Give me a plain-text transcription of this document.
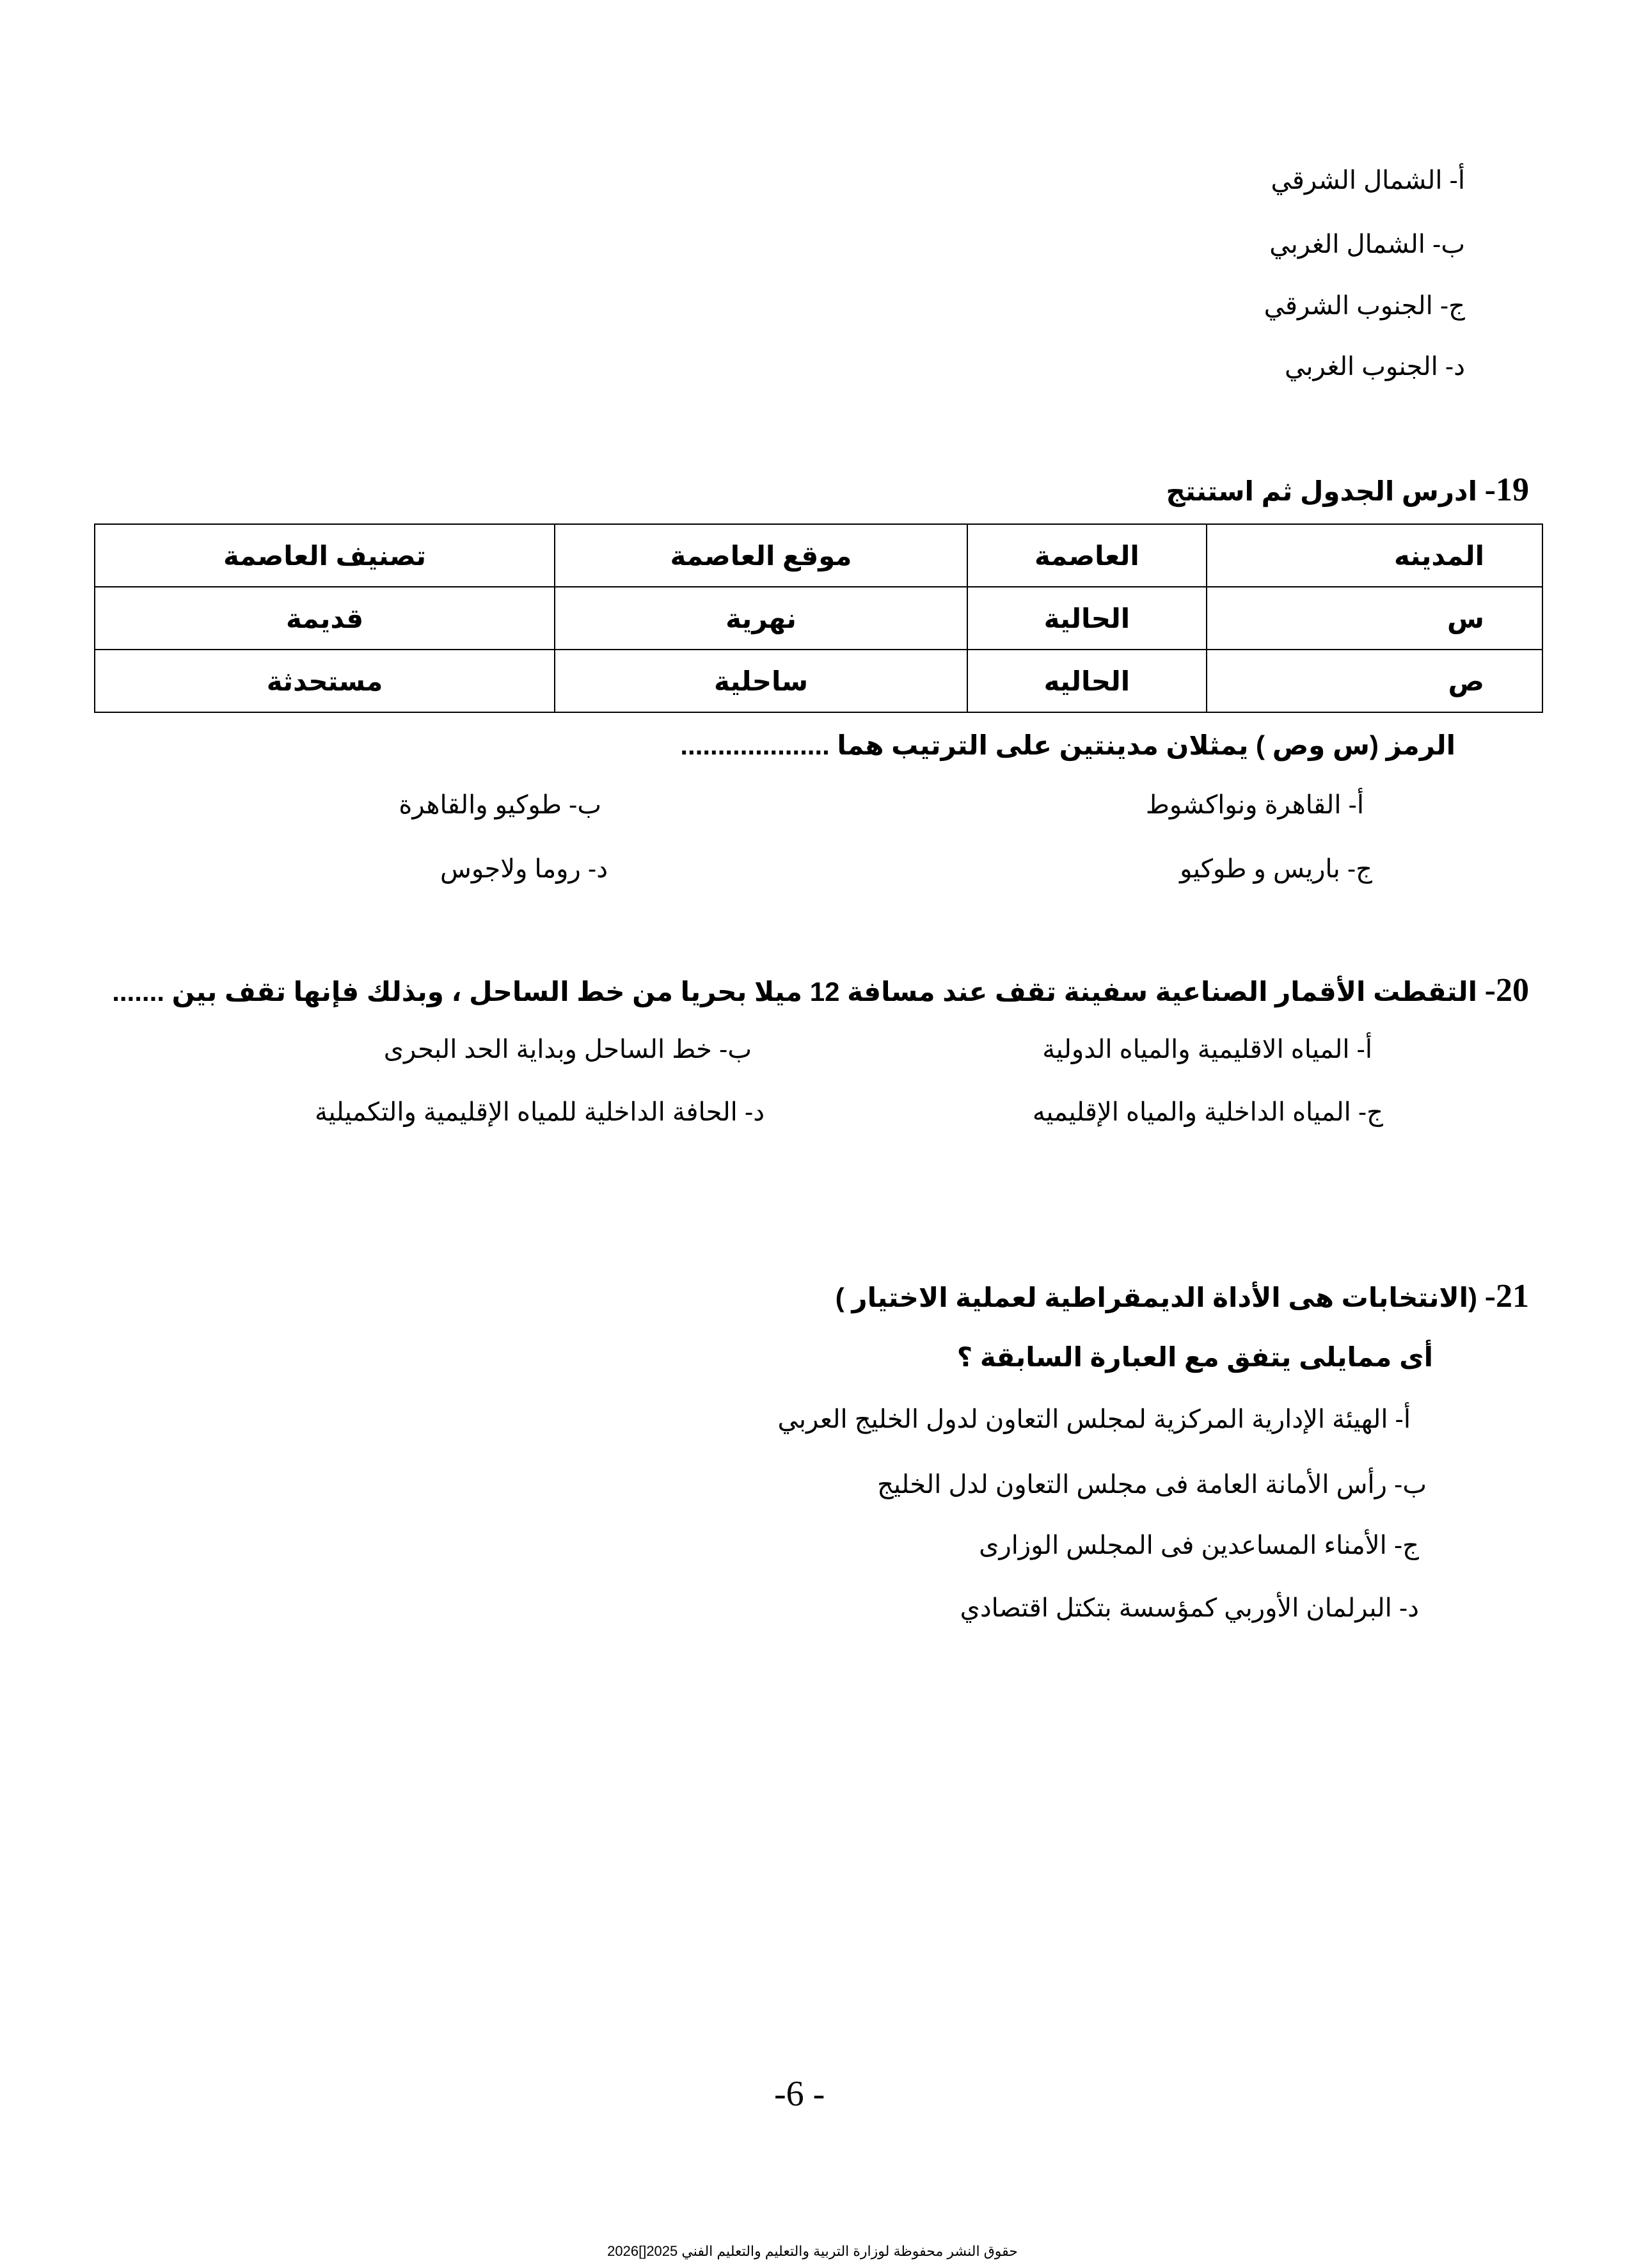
أ- الشمال الشرقي
ب- الشمال الغربي
ج- الجنوب الشرقي
د- الجنوب الغربي
19- ادرس الجدول ثم استنتج
المدينه	العاصمة	موقع العاصمة	تصنيف العاصمة
س	الحالية	نهرية	قديمة
ص	الحاليه	ساحلية	مستحدثة
الرمز (س وص ) يمثلان مدينتين على الترتيب هما ....................
أ- القاهرة ونواكشوط
ب- طوكيو والقاهرة
ج- باريس و طوكيو
د- روما ولاجوس
20- التقطت الأقمار الصناعية سفينة تقف عند مسافة 12 ميلا بحريا من خط الساحل ، وبذلك فإنها تقف بين .......
أ- المياه الاقليمية والمياه الدولية
ب- خط الساحل وبداية الحد البحرى
ج- المياه الداخلية والمياه الإقليميه
د- الحافة الداخلية للمياه الإقليمية والتكميلية
21- (الانتخابات هى الأداة الديمقراطية لعملية الاختيار )
أى ممايلى يتفق مع العبارة السابقة ؟
أ- الهيئة الإدارية المركزية لمجلس التعاون لدول الخليج العربي
ب- رأس الأمانة العامة فى مجلس التعاون لدل الخليج
ج- الأمناء المساعدين فى المجلس الوزارى
د- البرلمان الأوربي كمؤسسة بتكتل اقتصادي
-6 -
حقوق النشر محفوظة لوزارة التربية والتعليم والتعليم الفني 2025[]2026
